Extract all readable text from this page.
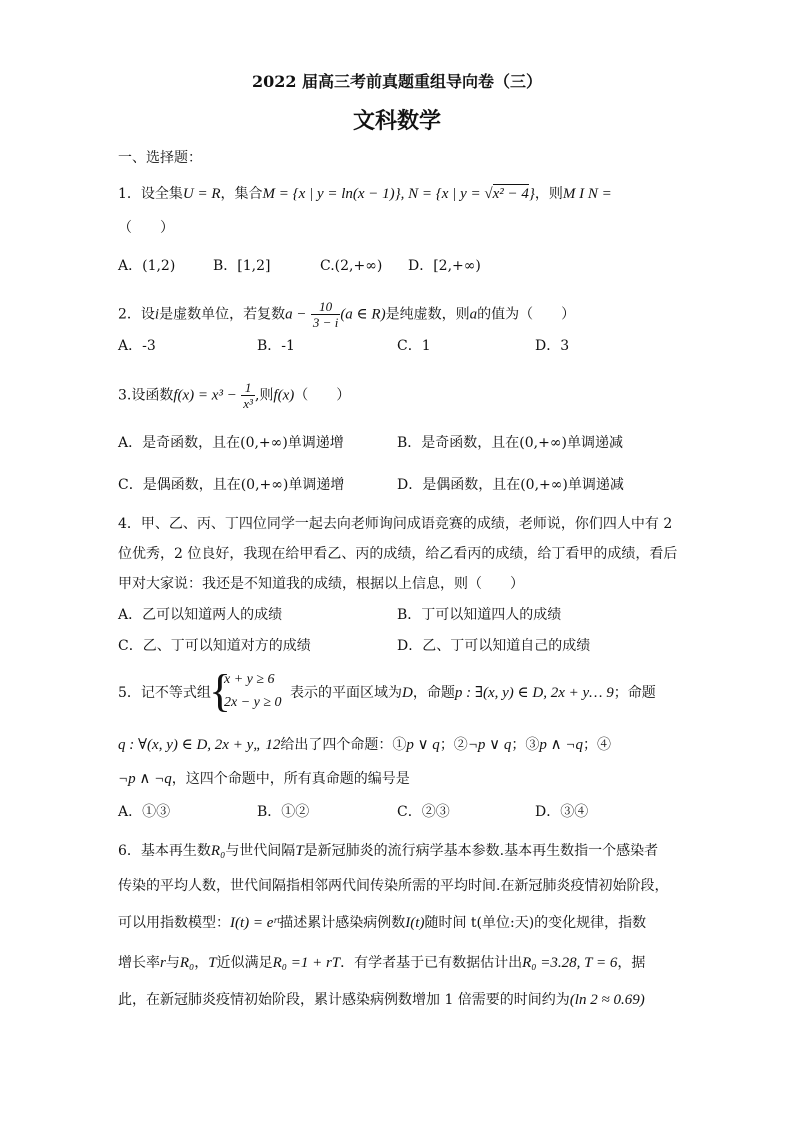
2022 届高三考前真题重组导向卷（三）
文科数学
一、选择题：
1．设全集U = R，集合M = {x | y = ln(x − 1)}, N = {x | y = √x² − 4}，则M I N =
（　　）
A．(1,2)	B．[1,2]	C.(2,+∞) D．[2,+∞)
2．设i是虚数单位，若复数$a - \frac{10}{3 - i} (a$ ∈ R)是纯虚数，则a的值为（　　）
A．-3	B．-1	C．1	D．3
3.设函数$f(x) = x^3 - \frac{1}{\text{x³}}$ ,则f(x)（　　）
A．是奇函数，且在(0,+∞)单调递增	B．是奇函数，且在(0,+∞)单调递减
C．是偶函数，且在(0,+∞)单调递增	D．是偶函数，且在(0,+∞)单调递减
4．甲、乙、丙、丁四位同学一起去向老师询问成语竞赛的成绩，老师说，你们四人中有 2
位优秀，2 位良好，我现在给甲看乙、丙的成绩，给乙看丙的成绩，给丁看甲的成绩，看后
甲对大家说：我还是不知道我的成绩，根据以上信息，则（　　）
A．乙可以知道两人的成绩	B．丁可以知道四人的成绩
C．乙、丁可以知道对方的成绩	D．乙、丁可以知道自己的成绩
5．记不等式组
{
x + y ≥ 6
2x − y ≥ 0
表示的平面区域为D，命题p : ∃(x, y) ∈ D, 2x + y… 9；命题
q : ∀(x, y) ∈ D, 2x + y„ 12给出了四个命题：①p ∨ q；②¬p ∨ q；③p ∧ ¬q；④
¬p ∧ ¬q，这四个命题中，所有真命题的编号是
A．①③	B．①②	C．②③	D．③④
6．基本再生数R₀与世代间隔T是新冠肺炎的流行病学基本参数.基本再生数指一个感染者
传染的平均人数，世代间隔指相邻两代间传染所需的平均时间.在新冠肺炎疫情初始阶段，
可以用指数模型：I(t) = eʳᵗ描述累计感染病例数I(t)随时间 t(单位:天)的变化规律，指数
增长率r与R₀，T近似满足R₀ =1 + rT．有学者基于已有数据估计出R₀ =3.28, T = 6，据
此，在新冠肺炎疫情初始阶段，累计感染病例数增加 1 倍需要的时间约为(ln 2 ≈ 0.69)
